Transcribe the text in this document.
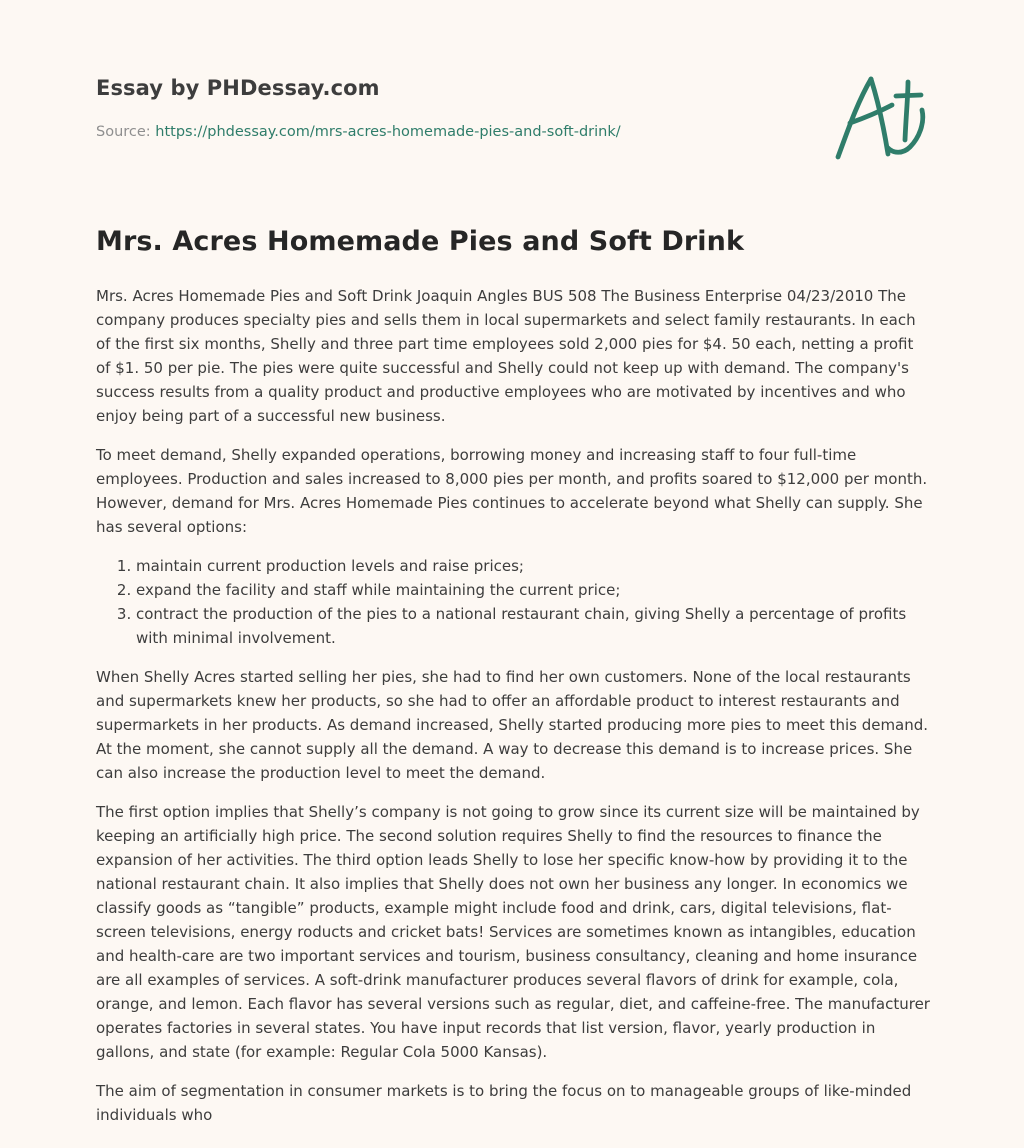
Essay by PHDessay.com
Source: https://phdessay.com/mrs-acres-homemade-pies-and-soft-drink/
Mrs. Acres Homemade Pies and Soft Drink

Mrs. Acres Homemade Pies and Soft Drink Joaquin Angles BUS 508 The Business Enterprise 04/23/2010 The company produces specialty pies and sells them in local supermarkets and select family restaurants. In each of the first six months, Shelly and three part time employees sold 2,000 pies for $4. 50 each, netting a profit of $1. 50 per pie. The pies were quite successful and Shelly could not keep up with demand. The company's success results from a quality product and productive employees who are motivated by incentives and who enjoy being part of a successful new business.

To meet demand, Shelly expanded operations, borrowing money and increasing staff to four full-time employees. Production and sales increased to 8,000 pies per month, and profits soared to $12,000 per month. However, demand for Mrs. Acres Homemade Pies continues to accelerate beyond what Shelly can supply. She has several options:

1. maintain current production levels and raise prices;
2. expand the facility and staff while maintaining the current price;
3. contract the production of the pies to a national restaurant chain, giving Shelly a percentage of profits with minimal involvement.

When Shelly Acres started selling her pies, she had to find her own customers. None of the local restaurants and supermarkets knew her products, so she had to offer an affordable product to interest restaurants and supermarkets in her products. As demand increased, Shelly started producing more pies to meet this demand. At the moment, she cannot supply all the demand. A way to decrease this demand is to increase prices. She can also increase the production level to meet the demand.

The first option implies that Shelly’s company is not going to grow since its current size will be maintained by keeping an artificially high price. The second solution requires Shelly to find the resources to finance the expansion of her activities. The third option leads Shelly to lose her specific know-how by providing it to the national restaurant chain. It also implies that Shelly does not own her business any longer. In economics we classify goods as “tangible” products, example might include food and drink, cars, digital televisions, flat-screen televisions, energy roducts and cricket bats! Services are sometimes known as intangibles, education and health-care are two important services and tourism, business consultancy, cleaning and home insurance are all examples of services. A soft-drink manufacturer produces several flavors of drink for example, cola, orange, and lemon. Each flavor has several versions such as regular, diet, and caffeine-free. The manufacturer operates factories in several states. You have input records that list version, flavor, yearly production in gallons, and state (for example: Regular Cola 5000 Kansas).

The aim of segmentation in consumer markets is to bring the focus on to manageable groups of like-minded individuals who
